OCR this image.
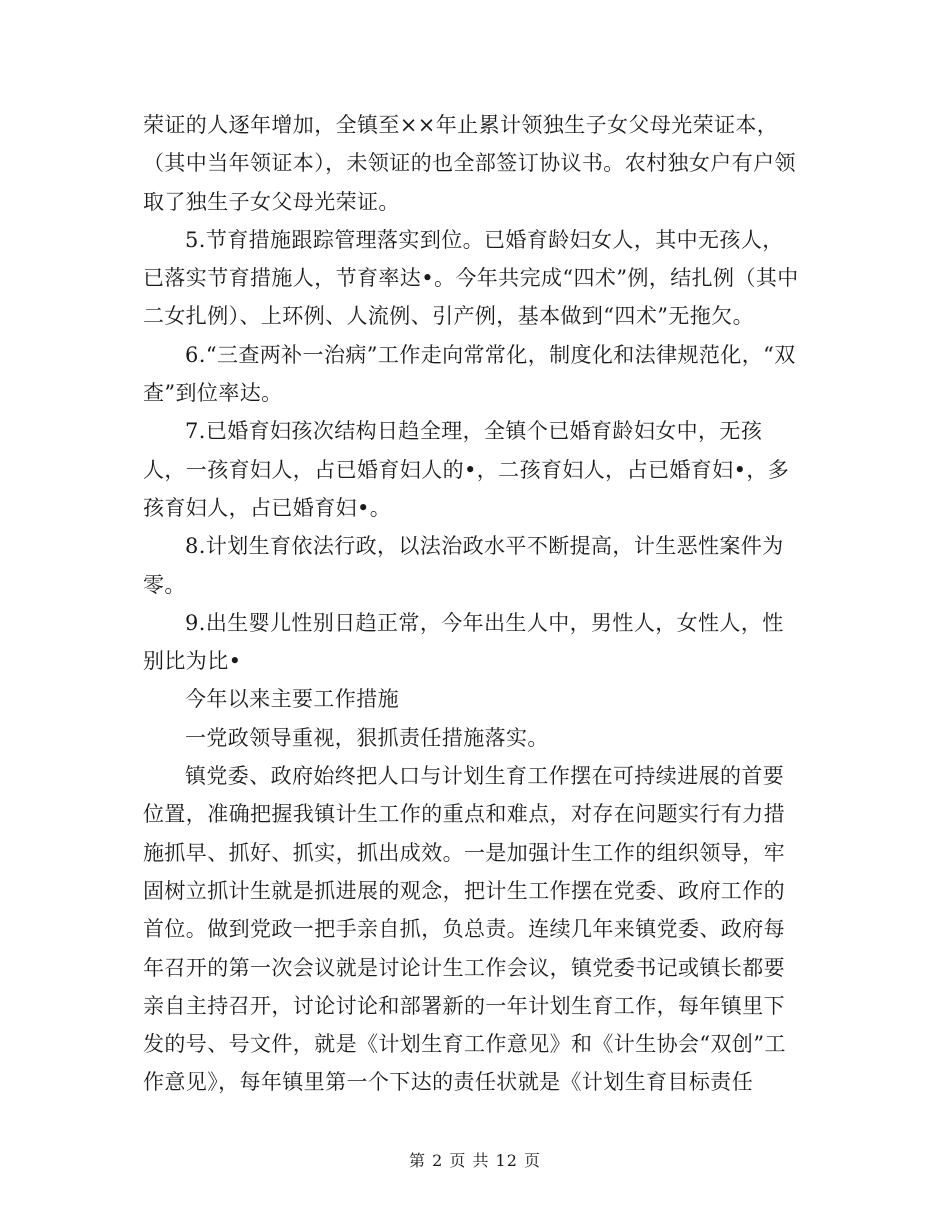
荣证的人逐年增加，全镇至××年止累计领独生子女父母光荣证本，（其中当年领证本），未领证的也全部签订协议书。农村独女户有户领取了独生子女父母光荣证。

5.节育措施跟踪管理落实到位。已婚育龄妇女人，其中无孩人，已落实节育措施人，节育率达•。今年共完成“四术”例，结扎例（其中二女扎例）、上环例、人流例、引产例，基本做到“四术”无拖欠。

6.“三查两补一治病”工作走向常常化，制度化和法律规范化，“双查”到位率达。

7.已婚育妇孩次结构日趋全理，全镇个已婚育龄妇女中，无孩人，一孩育妇人，占已婚育妇人的•，二孩育妇人，占已婚育妇•，多孩育妇人，占已婚育妇•。

8.计划生育依法行政，以法治政水平不断提高，计生恶性案件为零。

9.出生婴儿性别日趋正常，今年出生人中，男性人，女性人，性别比为比•

今年以来主要工作措施

一党政领导重视，狠抓责任措施落实。

镇党委、政府始终把人口与计划生育工作摆在可持续进展的首要位置，准确把握我镇计生工作的重点和难点，对存在问题实行有力措施抓早、抓好、抓实，抓出成效。一是加强计生工作的组织领导，牢固树立抓计生就是抓进展的观念，把计生工作摆在党委、政府工作的首位。做到党政一把手亲自抓，负总责。连续几年来镇党委、政府每年召开的第一次会议就是讨论计生工作会议，镇党委书记或镇长都要亲自主持召开，讨论讨论和部署新的一年计划生育工作，每年镇里下发的号、号文件，就是《计划生育工作意见》和《计生协会“双创”工作意见》，每年镇里第一个下达的责任状就是《计划生育目标责任

第 2 页 共 12 页
